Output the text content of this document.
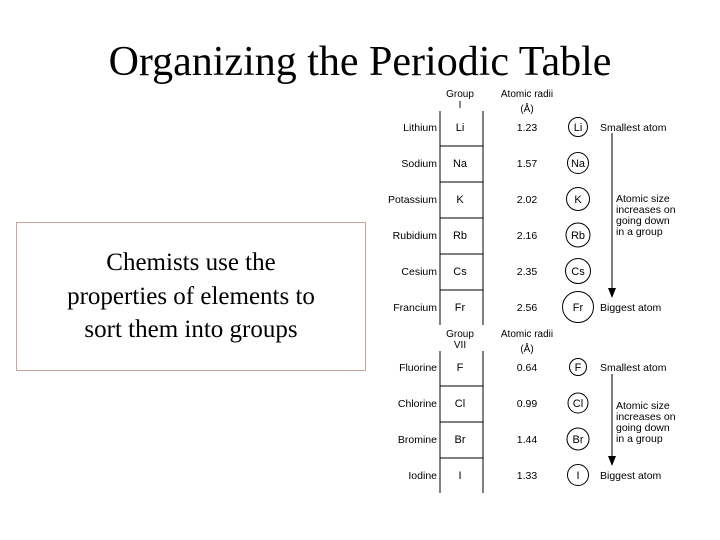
Organizing the Periodic Table
Chemists use the
properties of elements to
sort them into groups
Group
I
Atomic radii
(Å)
Lithium Li	1.23	Li
Sodium Na	1.57	Na
Potassium K	2.02	K
Rubidium Rb	2.16	Rb
Cesium Cs	2.35	Cs
Francium Fr	2.56	Fr
Smallest atom
Atomic size
increases on
going down
in a group
Biggest atom
Group
VII
Atomic radii
(Å)
Fluorine F	0.64	F
Chlorine Cl	0.99	Cl
Bromine Br	1.44	Br
Iodine I	1.33	I
Smallest atom
Atomic size
increases on
going down
in a group
Biggest atom
